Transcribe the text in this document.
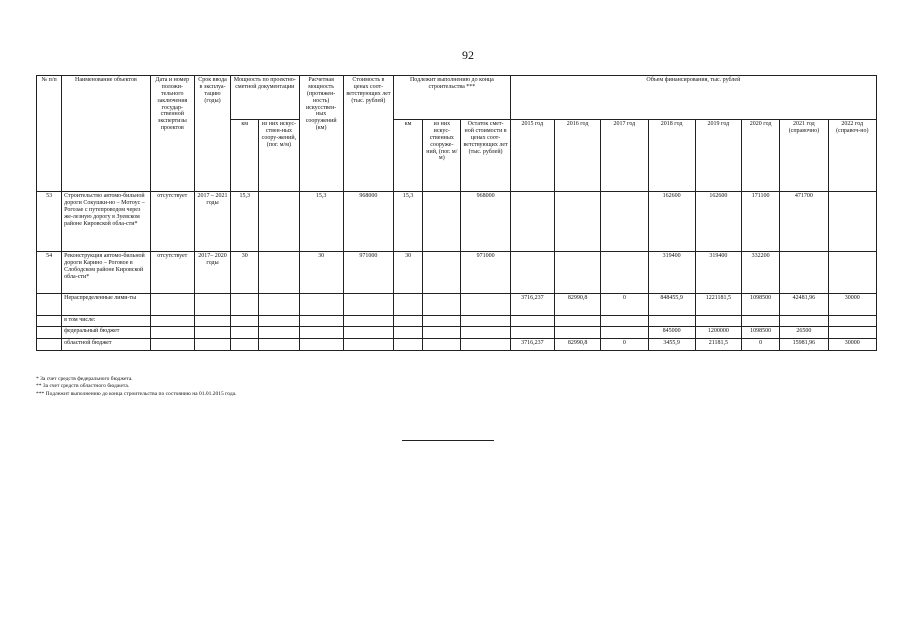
92
№ п/п	Наименование объектов	Дата и номер положи-тельного заключения государ-ственной экспертизы проектов	Срок ввода в эксплуа-тацию (годы)	Мощность по проектно-сметной документации		Расчетная мощность (протяжен-ность) искусствен-ных сооружений (км)	Стоимость в ценах соот-ветствующих лет (тыс. рублей)	Подлежит выполнению до конца строительства ***			Объем финансирования, тыс. рублей							
				км	из них искус-ствен-ных соору-жений, (пог. м/м)			км	из них искус-ственных сооруже-ний, (пог. м/м)	Остаток смет-ной стоимости в ценах соот-ветствующих лет (тыс. рублей)	2015 год	2016 год	2017 год	2018 год	2019 год	2020 год	2021 год (справочно)	2022 год (справоч-но)
53	Строительство автомо-бильной дороги Сокушки-но – Мотоус – Рогозае с путепроводом через же-лезную дорогу в Зуевском районе Кировской обла-сти*	отсутствует	2017 – 2021 годы	15,3		15,3	968000	15,3		968000				162600	162600	171100	471700	
54	Реконструкция автомо-бильной дороги Карино – Роговое в Слободском районе Кировской обла-сти*	отсутствует	2017– 2020 годы	30		30	971000	30		971000				319400	319400	332200		
	Нераспределенные лими-ты										3716,237	82990,8	0	848455,9	1221181,5	1098500	42481,96	30000
	в том числе:																	
	федеральный бюджет													845000	1200000	1098500	26500	
	областной бюджет										3716,237	82990,8	0	3455,9	21181,5	0	15981,96	30000
* За счет средств федерального бюджета.
** За счет средств областного бюджета.
*** Подлежит выполнению до конца строительства по состоянию на 01.01.2015 года.
